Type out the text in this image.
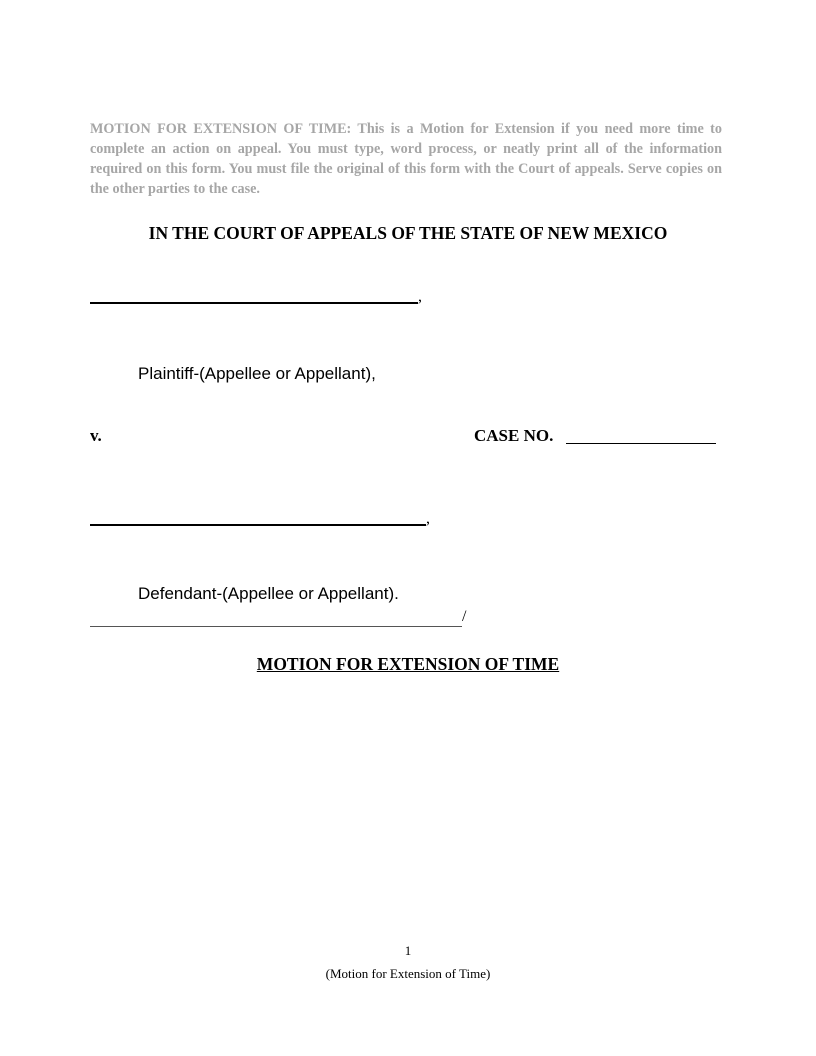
MOTION FOR EXTENSION OF TIME: This is a Motion for Extension if you need more time to complete an action on appeal. You must type, word process, or neatly print all of the information required on this form. You must file the original of this form with the Court of appeals. Serve copies on the other parties to the case.
IN THE COURT OF APPEALS OF THE STATE OF NEW MEXICO
,
Plaintiff-(Appellee or Appellant),
v.	CASE NO.
,
Defendant-(Appellee or Appellant).
/
MOTION FOR EXTENSION OF TIME
1
(Motion for Extension of Time)
